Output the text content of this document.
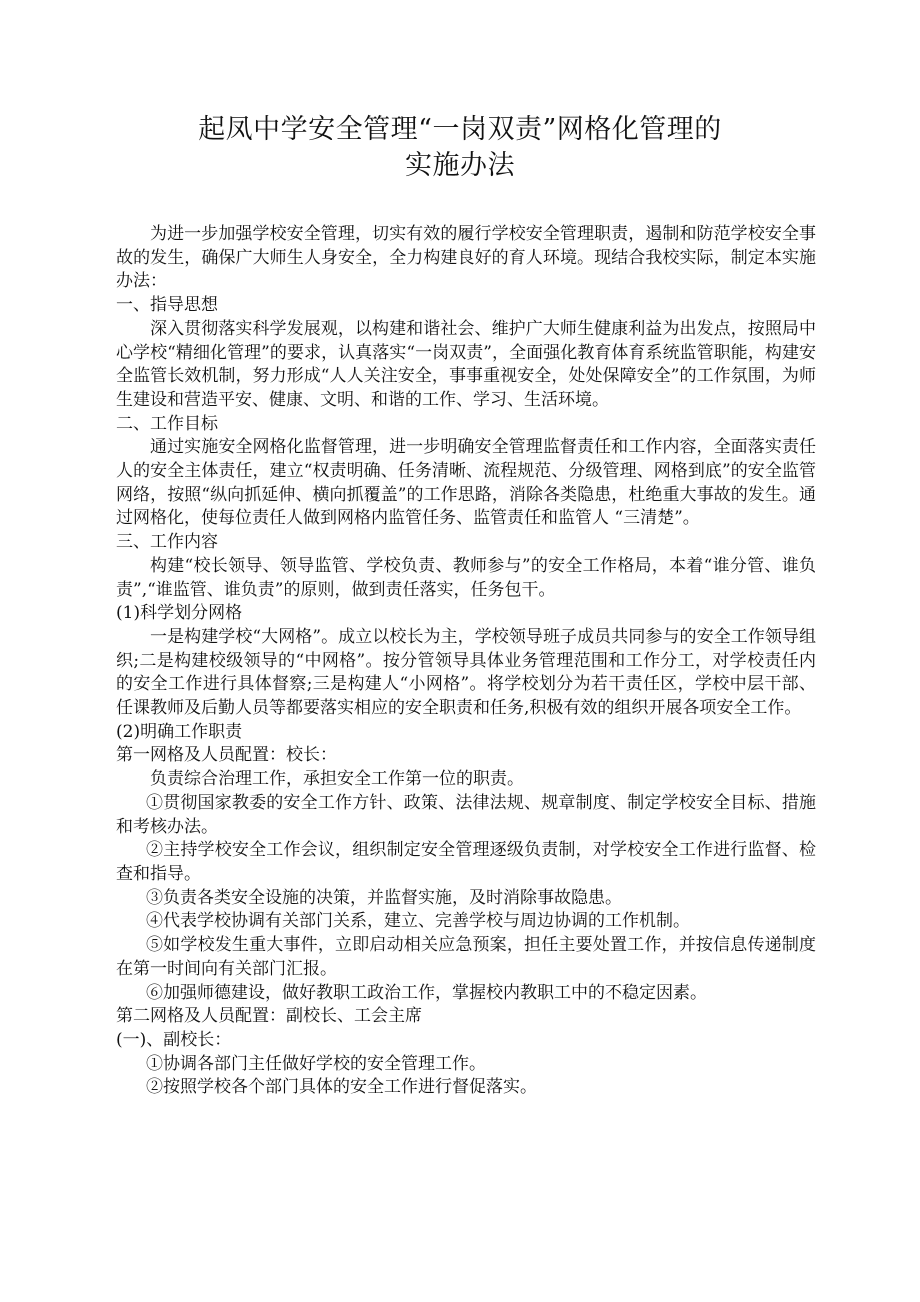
起凤中学安全管理“一岗双责”网格化管理的
实施办法

为进一步加强学校安全管理，切实有效的履行学校安全管理职责，遏制和防范学校安全事故的发生，确保广大师生人身安全，全力构建良好的育人环境。现结合我校实际，制定本实施办法：

一、指导思想

深入贯彻落实科学发展观，以构建和谐社会、维护广大师生健康利益为出发点，按照局中心学校“精细化管理”的要求，认真落实“一岗双责”，全面强化教育体育系统监管职能，构建安全监管长效机制，努力形成“人人关注安全，事事重视安全，处处保障安全”的工作氛围，为师生建设和营造平安、健康、文明、和谐的工作、学习、生活环境。

二、工作目标

通过实施安全网格化监督管理，进一步明确安全管理监督责任和工作内容，全面落实责任人的安全主体责任，建立“权责明确、任务清晰、流程规范、分级管理、网格到底”的安全监管网络，按照“纵向抓延伸、横向抓覆盖”的工作思路，消除各类隐患，杜绝重大事故的发生。通过网格化，使每位责任人做到网格内监管任务、监管责任和监管人 “三清楚”。

三、工作内容

构建“校长领导、领导监管、学校负责、教师参与”的安全工作格局，本着“谁分管、谁负责”,“谁监管、谁负责”的原则，做到责任落实，任务包干。

(1)科学划分网格

一是构建学校“大网格”。成立以校长为主，学校领导班子成员共同参与的安全工作领导组织;二是构建校级领导的“中网格”。按分管领导具体业务管理范围和工作分工，对学校责任内的安全工作进行具体督察;三是构建人“小网格”。将学校划分为若干责任区，学校中层干部、任课教师及后勤人员等都要落实相应的安全职责和任务,积极有效的组织开展各项安全工作。

(2)明确工作职责

第一网格及人员配置：校长：

负责综合治理工作，承担安全工作第一位的职责。

①贯彻国家教委的安全工作方针、政策、法律法规、规章制度、制定学校安全目标、措施和考核办法。

②主持学校安全工作会议，组织制定安全管理逐级负责制，对学校安全工作进行监督、检查和指导。

③负责各类安全设施的决策，并监督实施，及时消除事故隐患。

④代表学校协调有关部门关系，建立、完善学校与周边协调的工作机制。

⑤如学校发生重大事件，立即启动相关应急预案，担任主要处置工作，并按信息传递制度在第一时间向有关部门汇报。

⑥加强师德建设，做好教职工政治工作，掌握校内教职工中的不稳定因素。

第二网格及人员配置：副校长、工会主席

(一)、副校长：

①协调各部门主任做好学校的安全管理工作。

②按照学校各个部门具体的安全工作进行督促落实。
